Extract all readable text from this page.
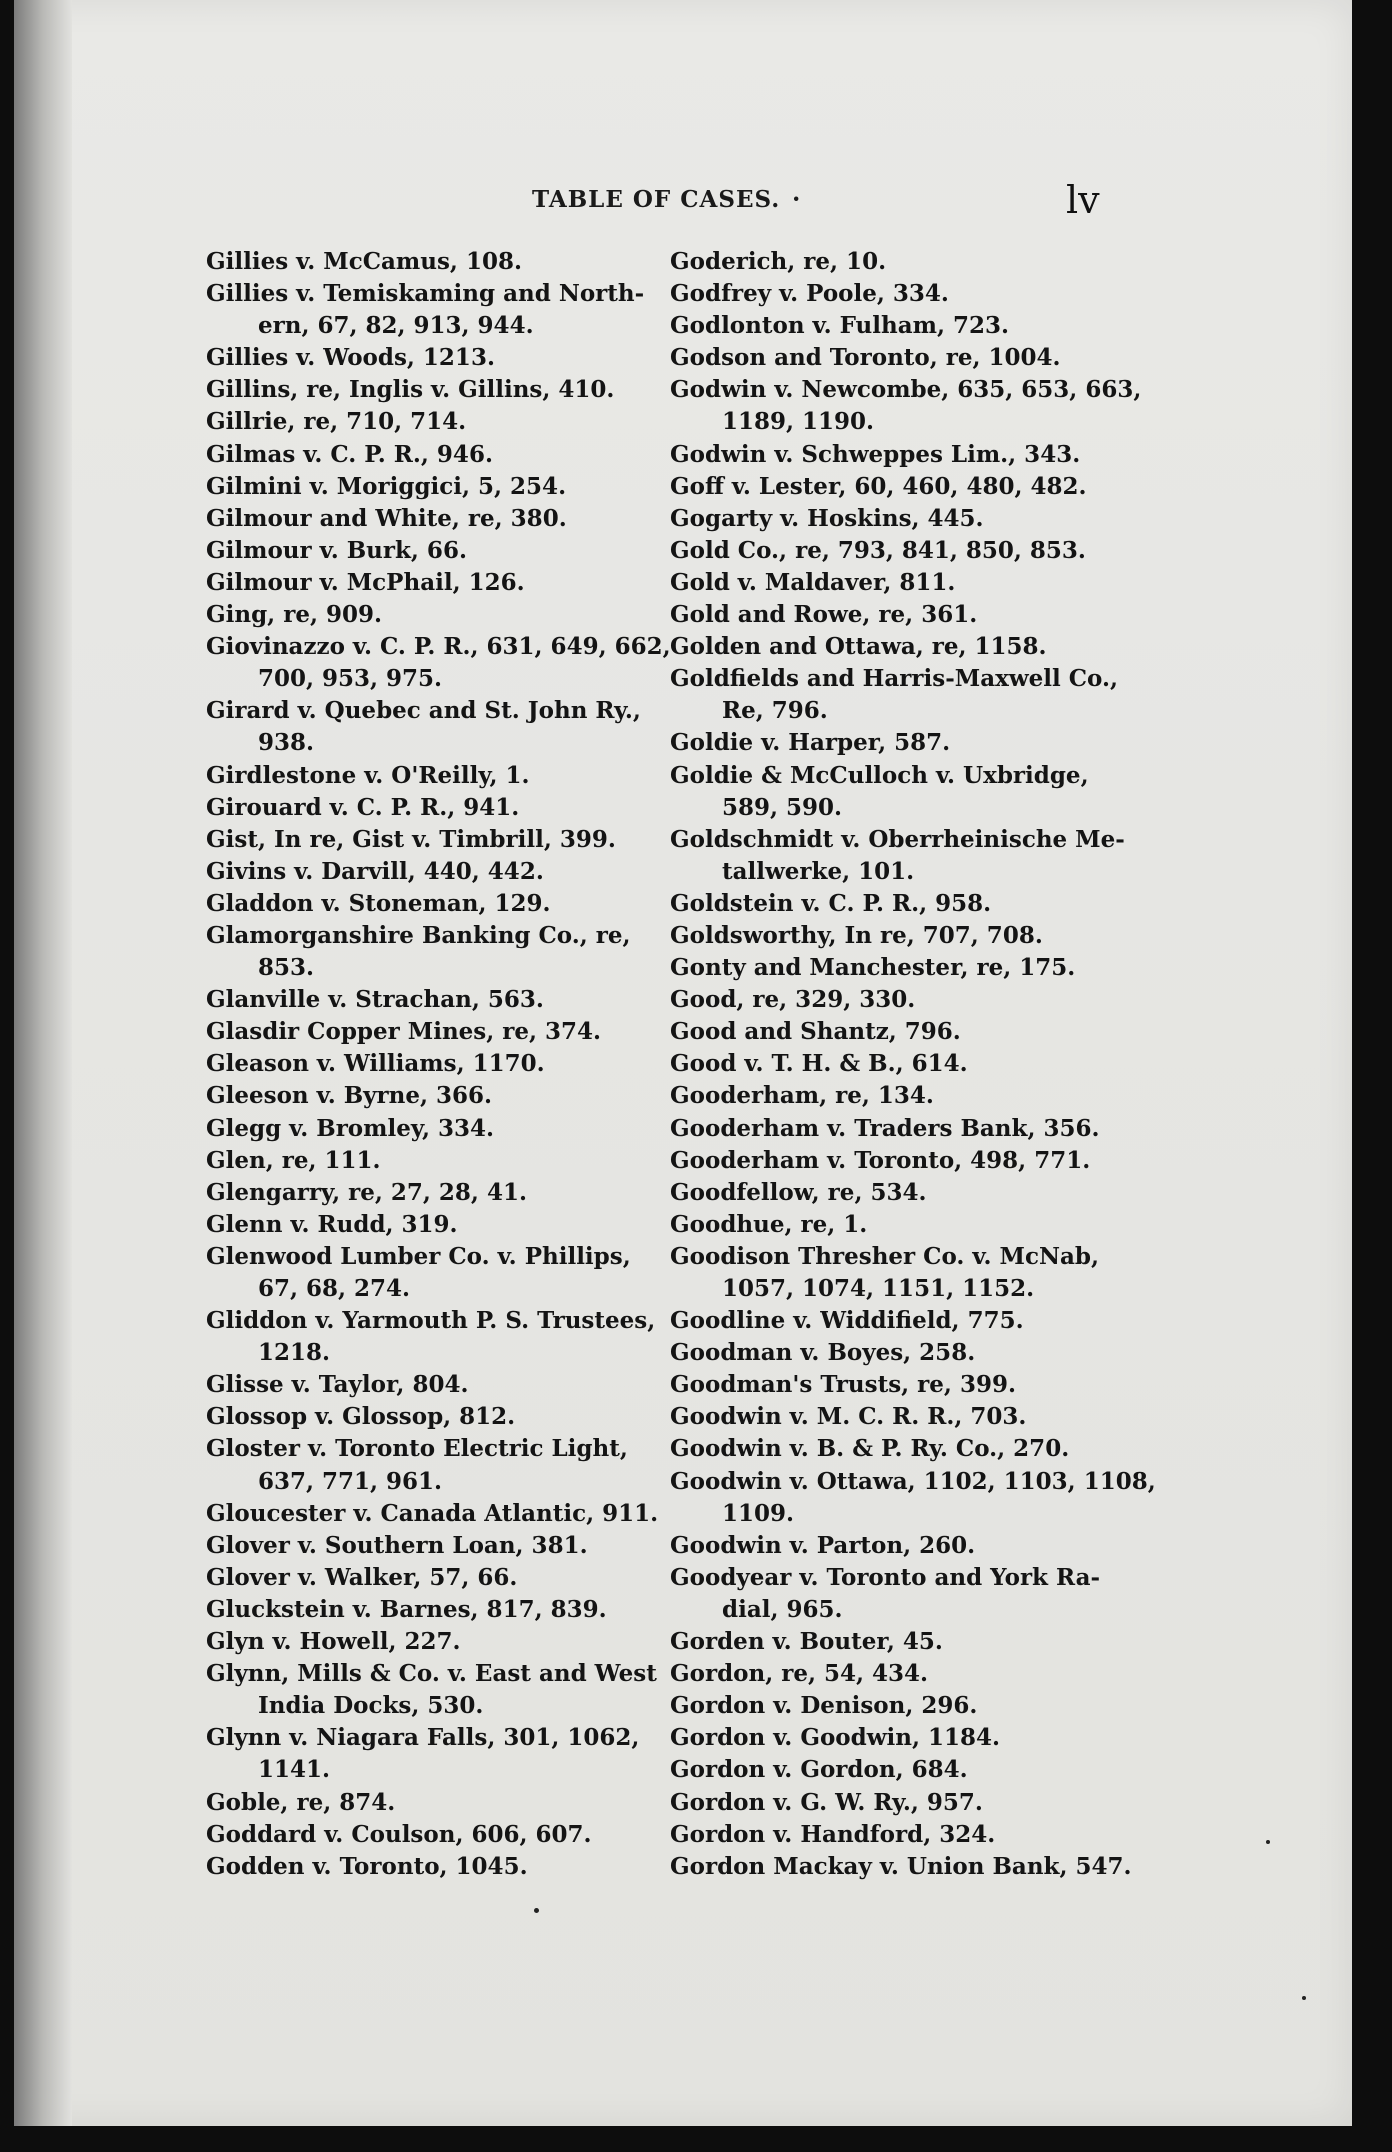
TABLE OF CASES. ·	lv
Gillies v. McCamus, 108.
Gillies v. Temiskaming and North-
ern, 67, 82, 913, 944.
Gillies v. Woods, 1213.
Gillins, re, Inglis v. Gillins, 410.
Gillrie, re, 710, 714.
Gilmas v. C. P. R., 946.
Gilmini v. Moriggici, 5, 254.
Gilmour and White, re, 380.
Gilmour v. Burk, 66.
Gilmour v. McPhail, 126.
Ging, re, 909.
Giovinazzo v. C. P. R., 631, 649, 662,
700, 953, 975.
Girard v. Quebec and St. John Ry.,
938.
Girdlestone v. O'Reilly, 1.
Girouard v. C. P. R., 941.
Gist, In re, Gist v. Timbrill, 399.
Givins v. Darvill, 440, 442.
Gladdon v. Stoneman, 129.
Glamorganshire Banking Co., re,
853.
Glanville v. Strachan, 563.
Glasdir Copper Mines, re, 374.
Gleason v. Williams, 1170.
Gleeson v. Byrne, 366.
Glegg v. Bromley, 334.
Glen, re, 111.
Glengarry, re, 27, 28, 41.
Glenn v. Rudd, 319.
Glenwood Lumber Co. v. Phillips,
67, 68, 274.
Gliddon v. Yarmouth P. S. Trustees,
1218.
Glisse v. Taylor, 804.
Glossop v. Glossop, 812.
Gloster v. Toronto Electric Light,
637, 771, 961.
Gloucester v. Canada Atlantic, 911.
Glover v. Southern Loan, 381.
Glover v. Walker, 57, 66.
Gluckstein v. Barnes, 817, 839.
Glyn v. Howell, 227.
Glynn, Mills & Co. v. East and West
India Docks, 530.
Glynn v. Niagara Falls, 301, 1062,
1141.
Goble, re, 874.
Goddard v. Coulson, 606, 607.
Godden v. Toronto, 1045.
Goderich, re, 10.
Godfrey v. Poole, 334.
Godlonton v. Fulham, 723.
Godson and Toronto, re, 1004.
Godwin v. Newcombe, 635, 653, 663,
1189, 1190.
Godwin v. Schweppes Lim., 343.
Goff v. Lester, 60, 460, 480, 482.
Gogarty v. Hoskins, 445.
Gold Co., re, 793, 841, 850, 853.
Gold v. Maldaver, 811.
Gold and Rowe, re, 361.
Golden and Ottawa, re, 1158.
Goldfields and Harris-Maxwell Co.,
Re, 796.
Goldie v. Harper, 587.
Goldie & McCulloch v. Uxbridge,
589, 590.
Goldschmidt v. Oberrheinische Me-
tallwerke, 101.
Goldstein v. C. P. R., 958.
Goldsworthy, In re, 707, 708.
Gonty and Manchester, re, 175.
Good, re, 329, 330.
Good and Shantz, 796.
Good v. T. H. & B., 614.
Gooderham, re, 134.
Gooderham v. Traders Bank, 356.
Gooderham v. Toronto, 498, 771.
Goodfellow, re, 534.
Goodhue, re, 1.
Goodison Thresher Co. v. McNab,
1057, 1074, 1151, 1152.
Goodline v. Widdifield, 775.
Goodman v. Boyes, 258.
Goodman's Trusts, re, 399.
Goodwin v. M. C. R. R., 703.
Goodwin v. B. & P. Ry. Co., 270.
Goodwin v. Ottawa, 1102, 1103, 1108,
1109.
Goodwin v. Parton, 260.
Goodyear v. Toronto and York Ra-
dial, 965.
Gorden v. Bouter, 45.
Gordon, re, 54, 434.
Gordon v. Denison, 296.
Gordon v. Goodwin, 1184.
Gordon v. Gordon, 684.
Gordon v. G. W. Ry., 957.
Gordon v. Handford, 324.
Gordon Mackay v. Union Bank, 547.
